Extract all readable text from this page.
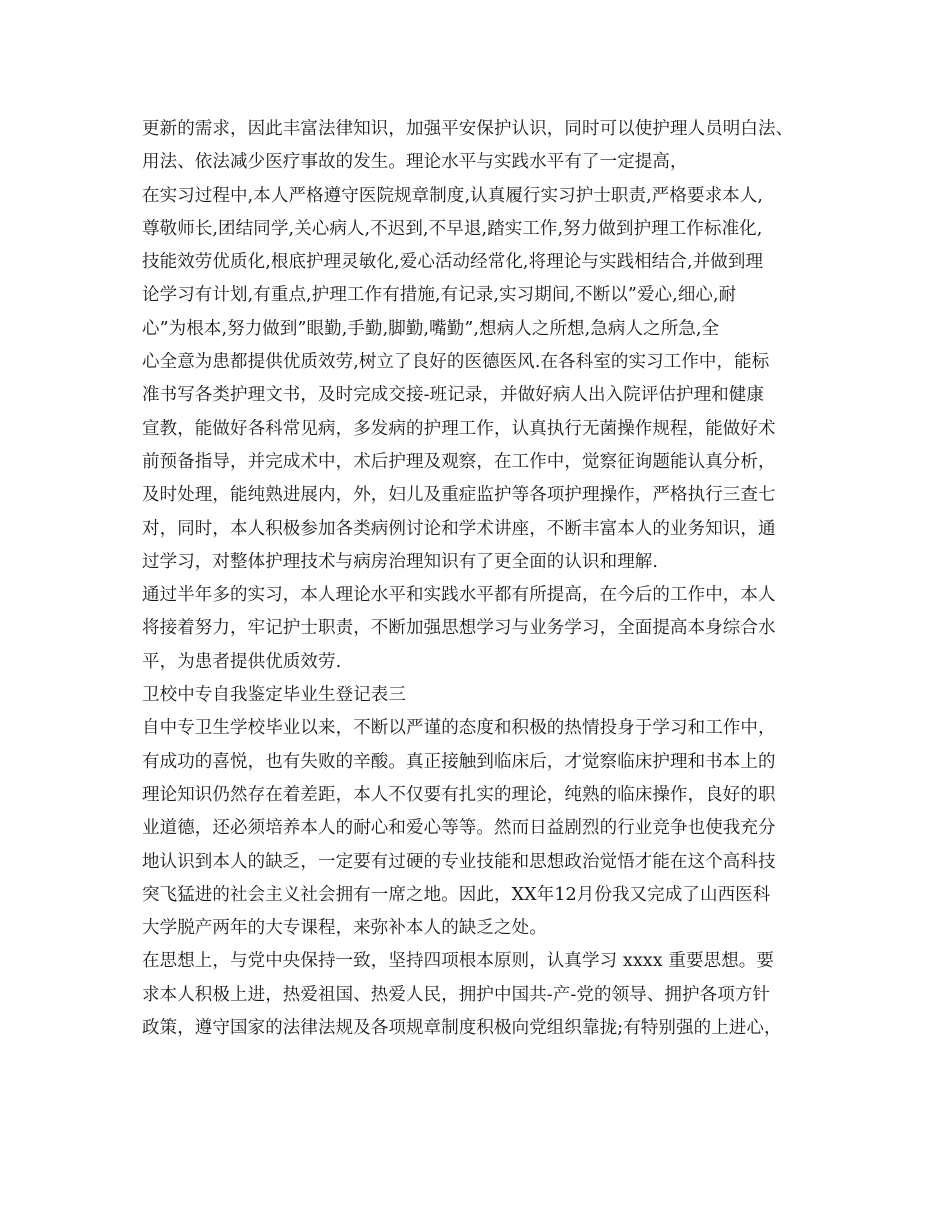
更新的需求，因此丰富法律知识，加强平安保护认识，同时可以使护理人员明白法、
用法、依法减少医疗事故的发生。理论水平与实践水平有了一定提高，
在实习过程中,本人严格遵守医院规章制度,认真履行实习护士职责,严格要求本人,
尊敬师长,团结同学,关心病人,不迟到,不早退,踏实工作,努力做到护理工作标准化,
技能效劳优质化,根底护理灵敏化,爱心活动经常化,将理论与实践相结合,并做到理
论学习有计划,有重点,护理工作有措施,有记录,实习期间,不断以”爱心,细心,耐
心”为根本,努力做到”眼勤,手勤,脚勤,嘴勤”,想病人之所想,急病人之所急,全
心全意为患都提供优质效劳,树立了良好的医德医风.在各科室的实习工作中，能标
准书写各类护理文书，及时完成交接-班记录，并做好病人出入院评估护理和健康
宣教，能做好各科常见病，多发病的护理工作，认真执行无菌操作规程，能做好术
前预备指导，并完成术中，术后护理及观察，在工作中，觉察征询题能认真分析，
及时处理，能纯熟进展内，外，妇儿及重症监护等各项护理操作，严格执行三查七
对，同时，本人积极参加各类病例讨论和学术讲座，不断丰富本人的业务知识，通
过学习，对整体护理技术与病房治理知识有了更全面的认识和理解.
通过半年多的实习，本人理论水平和实践水平都有所提高，在今后的工作中，本人
将接着努力，牢记护士职责，不断加强思想学习与业务学习，全面提高本身综合水
平，为患者提供优质效劳.
卫校中专自我鉴定毕业生登记表三
自中专卫生学校毕业以来，不断以严谨的态度和积极的热情投身于学习和工作中，
有成功的喜悦，也有失败的辛酸。真正接触到临床后，才觉察临床护理和书本上的
理论知识仍然存在着差距，本人不仅要有扎实的理论，纯熟的临床操作，良好的职
业道德，还必须培养本人的耐心和爱心等等。然而日益剧烈的行业竞争也使我充分
地认识到本人的缺乏，一定要有过硬的专业技能和思想政治觉悟才能在这个高科技
突飞猛进的社会主义社会拥有一席之地。因此，XX年12月份我又完成了山西医科
大学脱产两年的大专课程，来弥补本人的缺乏之处。
在思想上，与党中央保持一致，坚持四项根本原则，认真学习 xxxx 重要思想。要
求本人积极上进，热爱祖国、热爱人民，拥护中国共-产-党的领导、拥护各项方针
政策，遵守国家的法律法规及各项规章制度积极向党组织靠拢;有特别强的上进心，
